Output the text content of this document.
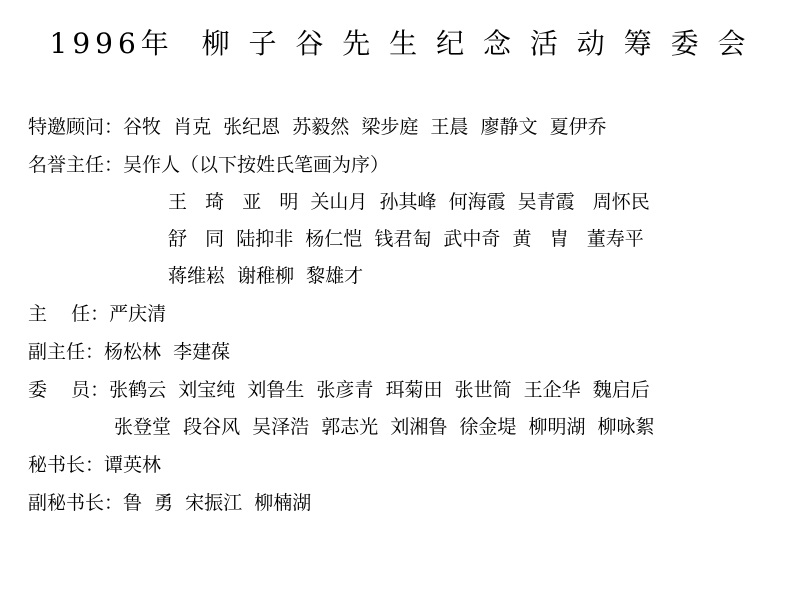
1996年  柳 子 谷 先 生 纪 念 活 动 筹 委 会
特邀顾问： 谷牧  肖克  张纪恩  苏毅然  梁步庭  王晨  廖静文  夏伊乔
名誉主任： 吴作人（以下按姓氏笔画为序）
王   琦   亚   明  关山月  孙其峰  何海霞  吴青霞   周怀民
舒   同  陆抑非  杨仁恺  钱君匋  武中奇  黄   胄   董寿平
蒋维崧  谢稚柳  黎雄才
主    任： 严庆清
副主任： 杨松林  李建葆
委    员： 张鹤云  刘宝纯  刘鲁生  张彦青  珥菊田  张世简  王企华  魏启后
张登堂  段谷风  吴泽浩  郭志光  刘湘鲁  徐金堤  柳明湖  柳咏絮
秘书长： 谭英林
副秘书长： 鲁  勇  宋振江  柳楠湖
